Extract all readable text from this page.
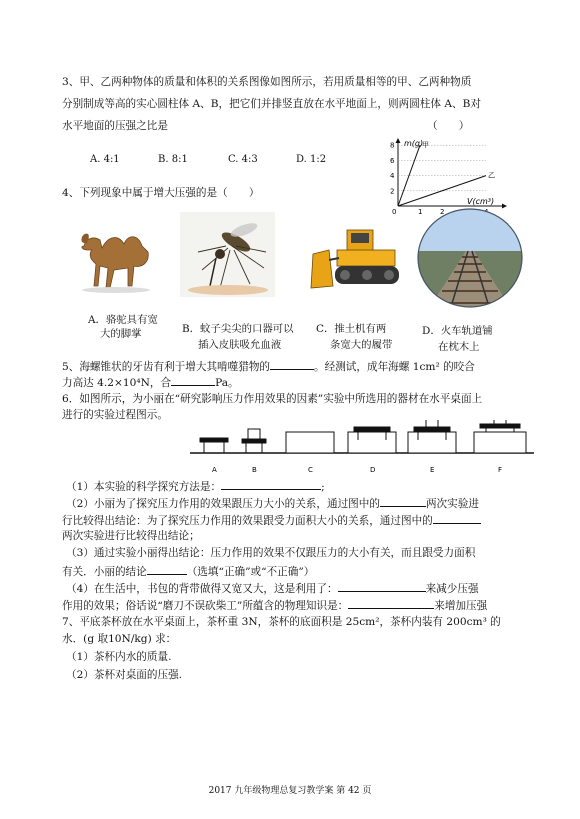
3、甲、乙两种物体的质量和体积的关系图像如图所示，若用质量相等的甲、乙两种物质
分别制成等高的实心圆柱体 A、B，把它们并排竖直放在水平地面上，则两圆柱体 A、B对
水平地面的压强之比是	（　　）
A. 4:1	B. 8:1	C. 4:3	D. 1:2
m(g)
V(cm³)
0
8
6
4
2
1	2	4
甲
乙
4、下列现象中属于增大压强的是（　　）
A．骆驼具有宽
大的脚掌	B．蚊子尖尖的口器可以
插入皮肤吸允血液
C．推土机有两
条宽大的履带
D．火车轨道铺
在枕木上
5、海螺锥状的牙齿有利于增大其啃噬猎物的	。经测试，成年海螺 1cm² 的咬合
力高达 4.2×10⁴N，合	Pa。
6．如图所示，为小丽在“研究影响压力作用效果的因素”实验中所选用的器材在水平桌面上
进行的实验过程图示。
A	B	C	D	E	F
（1）本实验的科学探究方法是：	;
（2）小丽为了探究压力作用的效果跟压力大小的关系，通过图中的	两次实验进
行比较得出结论：为了探究压力作用的效果跟受力面积大小的关系，通过图中的
两次实验进行比较得出结论；
（3）通过实验小丽得出结论：压力作用的效果不仅跟压力的大小有关，而且跟受力面积
有关．小丽的结论	（选填“正确”或“不正确”）
（4）在生活中，书包的背带做得又宽又大，这是利用了：	来减少压强
作用的效果；俗话说“磨刀不误砍柴工”所蕴含的物理知识是：	来增加压强
7、平底茶杯放在水平桌面上，茶杯重 3N，茶杯的底面积是 25cm²，茶杯内装有 200cm³ 的
水．(g 取10N/kg) 求：
（1）茶杯内水的质量.
（2）茶杯对桌面的压强.
2017 九年级物理总复习教学案 第 42 页
